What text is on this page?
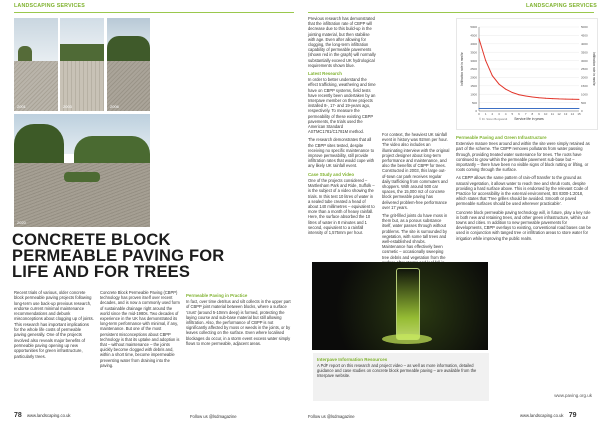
LANDSCAPING SERVICES
2001	2003	2006
2020
CONCRETE BLOCK
PERMEABLE PAVING FOR
LIFE AND FOR TREES
Recent trials of various, older concrete block permeable paving projects following long-term use back-up previous research, endorse current minimal maintenance recommendations and debunk misconceptions about clogging up of joints. This research has important implications for the whole life costs of permeable paving generally. One of the projects involved also reveals major benefits of permeable paving opening up new opportunities for green infrastructure, particularly trees.
Concrete Block Permeable Paving (CBPP) technology has proven itself over recent decades, and is now a commonly used form of sustainable drainage right around the world since the mid-1980s. Two decades of experience in the UK has demonstrated its long-term performance with minimal, if any, maintenance. But one of the most persistent misconceptions about CBPP technology is that its uptake and adoption is that – without maintenance – the joints quickly become clogged with debris and, within a short time, become impermeable preventing water from draining into the paving.
Permeable Paving in Practice

In fact, over time detritus and silt collects in the upper part of CBPP joint material between blocks, where a surface 'crust' (around 5-10mm deep) is formed, protecting the laying course and sub-base material but still allowing infiltration. Also, the performance of CBPP is not significantly affected by moss or weeds in the joints, or by leaves collecting on the surface. Even where localised blockages do occur, in a storm event excess water simply flows to more permeable, adjacent areas.

78 www.landscaping.co.uk	Follow us @lsdmagazine
LANDSCAPING SERVICES

Previous research has demonstrated that the infiltration rate of CBPP will decrease due to this build-up in the jointing material, but then stabilise with age. Even after allowing for clogging, the long-term infiltration capability of permeable pavements (shown red in the graph) will normally substantially exceed UK hydrological requirements shown blue.

Latest Research

In order to better understand the effect trafficking, weathering and time have on CBPP systems, field tests have recently been undertaken by an Interpave member on three projects installed 8-, 17- and 19-years ago, respectively. To measure the permeability of these existing CBPP pavements, the trials used the American Standard ASTMC1781/C1781M method.

The research demonstrates that all the CBPP sites tested, despite receiving no specific maintenance to improve permeability, still provide infiltration rates that would cope with any likely UK rainfall event.

Case Study and Video

One of the projects considered – Martlesham Park and Ride, Suffolk – is the subject of a video showing the trials. In this test 10 litres of water in a sealed tube created a head of about 140 millimetres – equivalent to more than a month of heavy rainfall. Here, the surface absorbed the 10 litres of water in 8 minutes and 1 second, equivalent to a rainfall intensity of 1,575mm per hour.

For context, the heaviest UK rainfall event in history was 92mm per hour. The video also includes an illuminating interview with the original project designer about long-term performance and maintenance, and also the benefits of CBPP for trees. Constructed in 2003, this large out-of-town car park receives regular daily trafficking from commuters and shoppers. With around 500 car spaces, the 15,000 m2 of concrete block permeable paving has delivered problem-free performance over 17 years.

The grit-filled joints do have moss in them but, as a porous substance itself, water passes through without problems. The site is surrounded by vegetation, with some tall trees and well-established shrubs. Maintenance has effectively been cosmetic – occasionally sweeping tree debris and vegetation from the

Permeable Paving and Green Infrastructure

Extensive mature trees around and within the site were simply retained as part of the scheme. The CBPP removes pollutants from water passing through, providing treated water sustenance for trees. The roots have continued to grow within the permeable pavement sub-base but – importantly – there have been no visible signs of block rutting or lifting, or roots coming through the surface.

As CBPP allows the same pattern of rain-off transfer to the ground as natural vegetation, it allows water to reach tree and shrub roots, despite providing a hard surface above. This is endorsed by the relevant Code of Practice for accessibility in the external environment, BS 8300-1:2018, which states that 'Tree grilles should be avoided. Smooth or paved permeable surfaces should be used wherever practicable'.

Concrete block permeable paving technology will, in future, play a key role in both new and retaining trees, and other green infrastructure, within our towns and cities. In addition to new permeable pavements for developments, CBPP overlays to existing, conventional road bases can be used in conjunction with tanged tree or infiltration areas to store water for irrigation while improving the public realm.

5000	5000
4500	4500
4000	4000
3500	3500
3000	3000
2500	2500
2000	2000
1500	1500
1000	1000
500	500
0	0
0 1 2 3 4 5 6 7 8 9 10 11 12 13 14 15
Service life in years
Infiltration rate in mm/hr	Infiltration rate in mm/hr
© Dr. Sören Borgwardt
Interpave Information Resources
A PdF report on this research and project video – as well as more information, detailed guidance and case studies on concrete block permeable paving – are available from the Interpave website.
www.paving.org.uk
Follow us @lsdmagazine	www.landscaping.co.uk 79
